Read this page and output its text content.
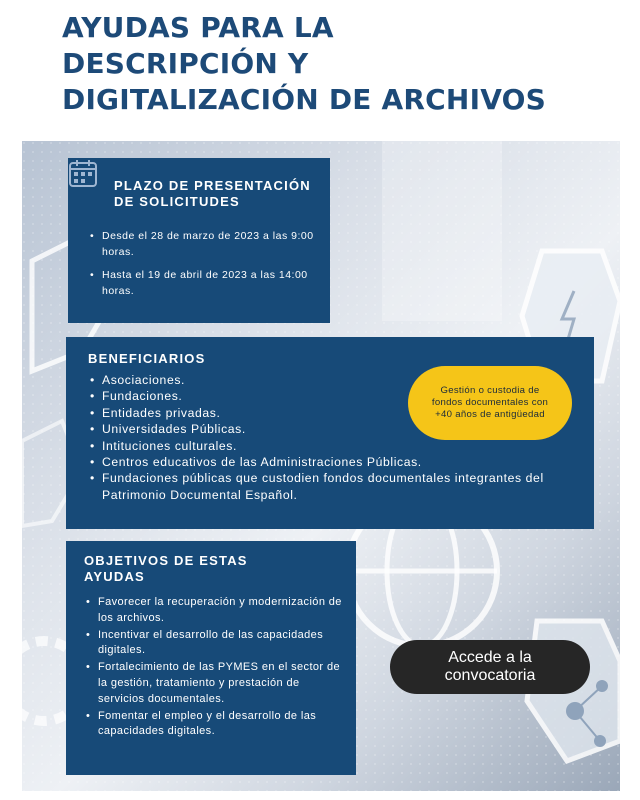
AYUDAS PARA LA
DESCRIPCIÓN Y
DIGITALIZACIÓN DE ARCHIVOS
PLAZO DE PRESENTACIÓN
DE SOLICITUDES
• Desde el 28 de marzo de 2023 a las 9:00 horas.
• Hasta el 19 de abril de 2023 a las 14:00 horas.
BENEFICIARIOS
• Asociaciones.
• Fundaciones.
• Entidades privadas.
• Universidades Públicas.
• Intituciones culturales.
• Centros educativos de las Administraciones Públicas.
• Fundaciones públicas que custodien fondos documentales integrantes del Patrimonio Documental Español.
OBJETIVOS DE ESTAS
AYUDAS
• Favorecer la recuperación y modernización de los archivos.
• Incentivar el desarrollo de las capacidades digitales.
• Fortalecimiento de las PYMES en el sector de la gestión, tratamiento y prestación de servicios documentales.
• Fomentar el empleo y el desarrollo de las capacidades digitales.
Gestión o custodia de fondos documentales con +40 años de antigüedad
Accede a la
convocatoria
